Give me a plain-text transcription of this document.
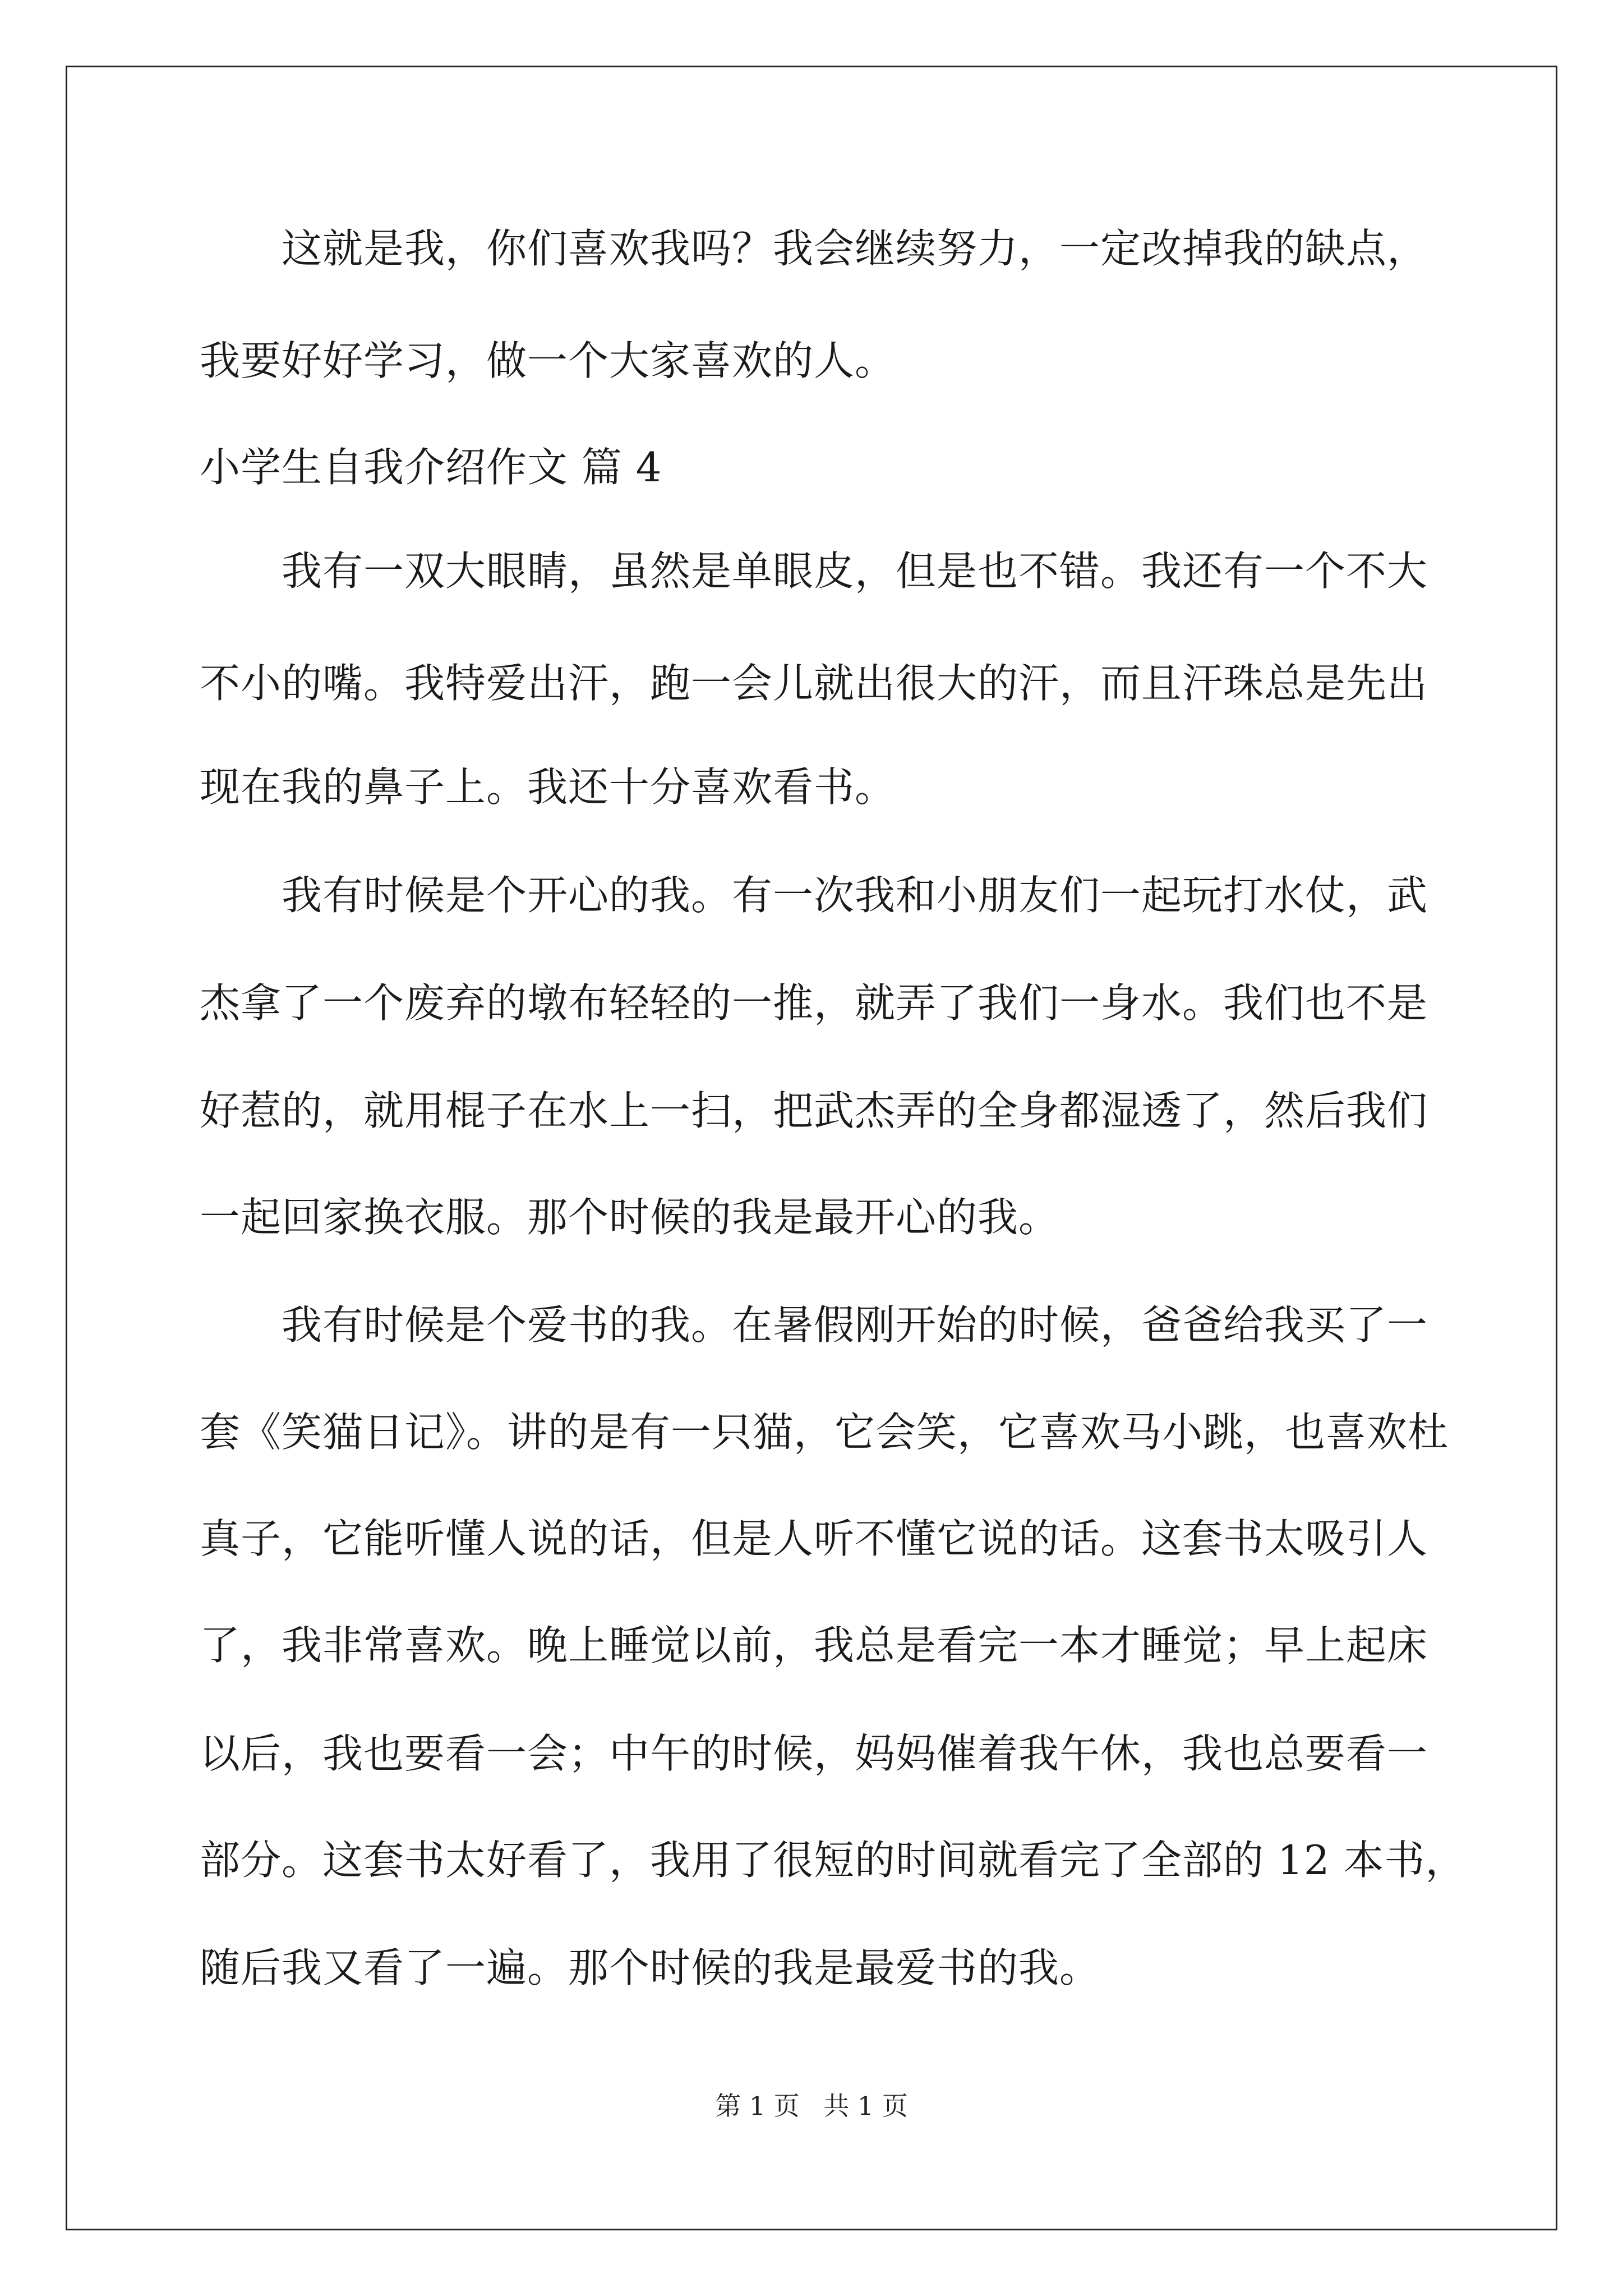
这就是我，你们喜欢我吗？我会继续努力，一定改掉我的缺点，
我要好好学习，做一个大家喜欢的人。
小学生自我介绍作文 篇 4
我有一双大眼睛，虽然是单眼皮，但是也不错。我还有一个不大
不小的嘴。我特爱出汗，跑一会儿就出很大的汗，而且汗珠总是先出
现在我的鼻子上。我还十分喜欢看书。
我有时候是个开心的我。有一次我和小朋友们一起玩打水仗，武
杰拿了一个废弃的墩布轻轻的一推，就弄了我们一身水。我们也不是
好惹的，就用棍子在水上一扫，把武杰弄的全身都湿透了，然后我们
一起回家换衣服。那个时候的我是最开心的我。
我有时候是个爱书的我。在暑假刚开始的时候，爸爸给我买了一
套《笑猫日记》。讲的是有一只猫，它会笑，它喜欢马小跳，也喜欢杜
真子，它能听懂人说的话，但是人听不懂它说的话。这套书太吸引人
了，我非常喜欢。晚上睡觉以前，我总是看完一本才睡觉；早上起床
以后，我也要看一会；中午的时候，妈妈催着我午休，我也总要看一
部分。这套书太好看了，我用了很短的时间就看完了全部的 12 本书，
随后我又看了一遍。那个时候的我是最爱书的我。
第 1 页 共 1 页
